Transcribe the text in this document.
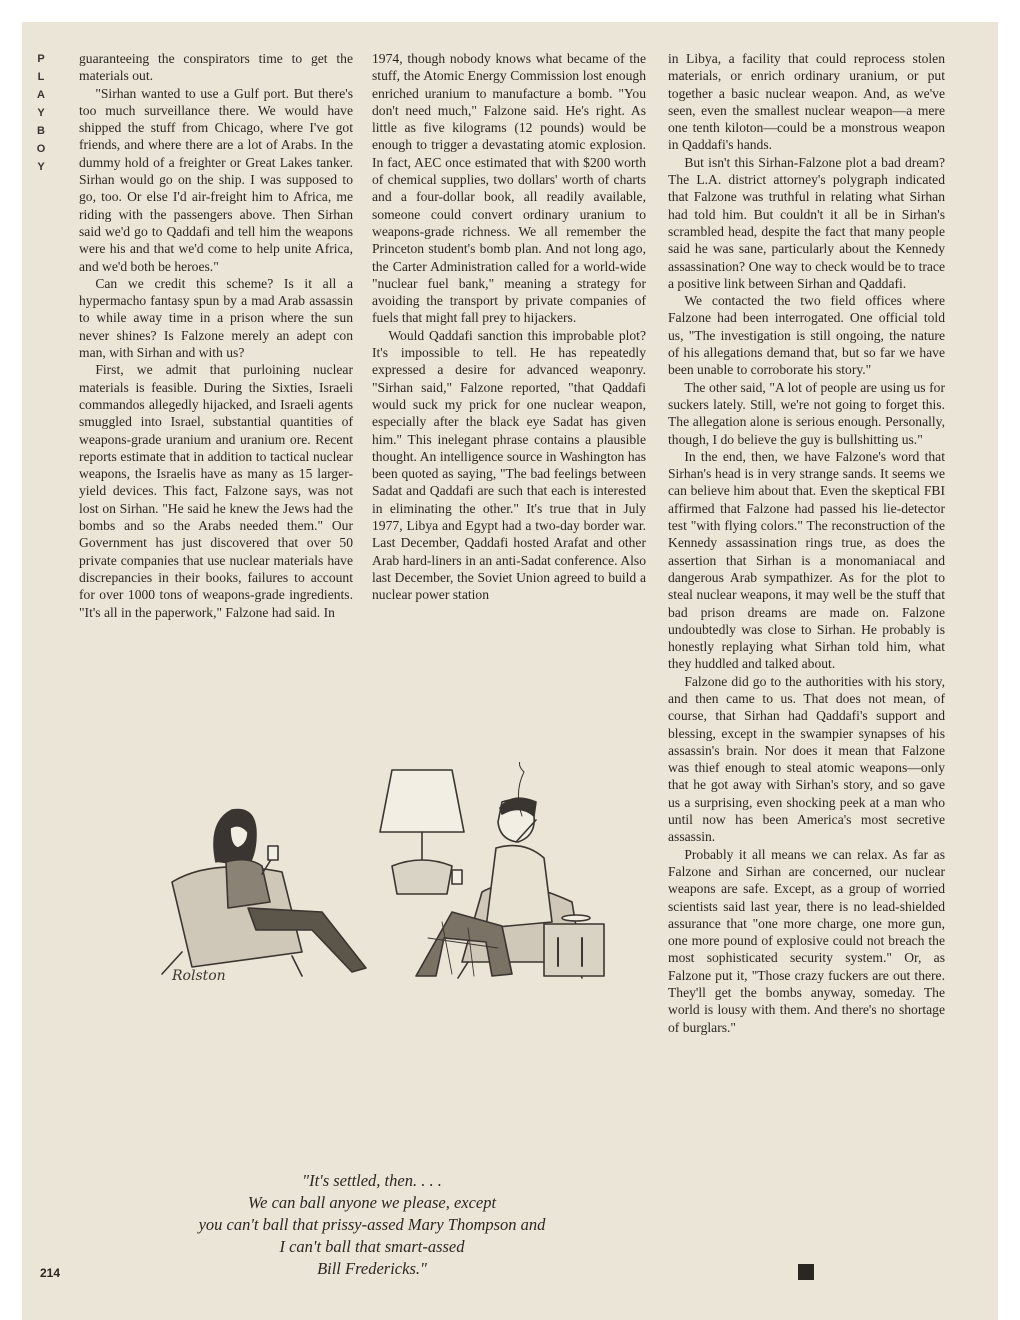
P
L
A
Y
B
O
Y

guaranteeing the conspirators time to get the materials out.

"Sirhan wanted to use a Gulf port. But there's too much surveillance there. We would have shipped the stuff from Chicago, where I've got friends, and where there are a lot of Arabs. In the dummy hold of a freighter or Great Lakes tanker. Sirhan would go on the ship. I was supposed to go, too. Or else I'd air-freight him to Africa, me riding with the passengers above. Then Sirhan said we'd go to Qaddafi and tell him the weapons were his and that we'd come to help unite Africa, and we'd both be heroes."

Can we credit this scheme? Is it all a hypermacho fantasy spun by a mad Arab assassin to while away time in a prison where the sun never shines? Is Falzone merely an adept con man, with Sirhan and with us?

First, we admit that purloining nuclear materials is feasible. During the Sixties, Israeli commandos allegedly hijacked, and Israeli agents smuggled into Israel, substantial quantities of weapons-grade uranium and uranium ore. Recent reports estimate that in addition to tactical nuclear weapons, the Israelis have as many as 15 larger-yield devices. This fact, Falzone says, was not lost on Sirhan. "He said he knew the Jews had the bombs and so the Arabs needed them." Our Government has just discovered that over 50 private companies that use nuclear materials have discrepancies in their books, failures to account for over 1000 tons of weapons-grade ingredients. "It's all in the paperwork," Falzone had said. In

1974, though nobody knows what became of the stuff, the Atomic Energy Commission lost enough enriched uranium to manufacture a bomb. "You don't need much," Falzone said. He's right. As little as five kilograms (12 pounds) would be enough to trigger a devastating atomic explosion. In fact, AEC once estimated that with $200 worth of chemical supplies, two dollars' worth of charts and a four-dollar book, all readily available, someone could convert ordinary uranium to weapons-grade richness. We all remember the Princeton student's bomb plan. And not long ago, the Carter Administration called for a world-wide "nuclear fuel bank," meaning a strategy for avoiding the transport by private companies of fuels that might fall prey to hijackers.

Would Qaddafi sanction this improbable plot? It's impossible to tell. He has repeatedly expressed a desire for advanced weaponry. "Sirhan said," Falzone reported, "that Qaddafi would suck my prick for one nuclear weapon, especially after the black eye Sadat has given him." This inelegant phrase contains a plausible thought. An intelligence source in Washington has been quoted as saying, "The bad feelings between Sadat and Qaddafi are such that each is interested in eliminating the other." It's true that in July 1977, Libya and Egypt had a two-day border war. Last December, Qaddafi hosted Arafat and other Arab hard-liners in an anti-Sadat conference. Also last December, the Soviet Union agreed to build a nuclear power station

in Libya, a facility that could reprocess stolen materials, or enrich ordinary uranium, or put together a basic nuclear weapon. And, as we've seen, even the smallest nuclear weapon—a mere one tenth kiloton—could be a monstrous weapon in Qaddafi's hands.

But isn't this Sirhan-Falzone plot a bad dream? The L.A. district attorney's polygraph indicated that Falzone was truthful in relating what Sirhan had told him. But couldn't it all be in Sirhan's scrambled head, despite the fact that many people said he was sane, particularly about the Kennedy assassination? One way to check would be to trace a positive link between Sirhan and Qaddafi.

We contacted the two field offices where Falzone had been interrogated. One official told us, "The investigation is still ongoing, the nature of his allegations demand that, but so far we have been unable to corroborate his story."

The other said, "A lot of people are using us for suckers lately. Still, we're not going to forget this. The allegation alone is serious enough. Personally, though, I do believe the guy is bullshitting us."

In the end, then, we have Falzone's word that Sirhan's head is in very strange sands. It seems we can believe him about that. Even the skeptical FBI affirmed that Falzone had passed his lie-detector test "with flying colors." The reconstruction of the Kennedy assassination rings true, as does the assertion that Sirhan is a monomaniacal and dangerous Arab sympathizer. As for the plot to steal nuclear weapons, it may well be the stuff that bad prison dreams are made on. Falzone undoubtedly was close to Sirhan. He probably is honestly replaying what Sirhan told him, what they huddled and talked about.

Falzone did go to the authorities with his story, and then came to us. That does not mean, of course, that Sirhan had Qaddafi's support and blessing, except in the swampier synapses of his assassin's brain. Nor does it mean that Falzone was thief enough to steal atomic weapons—only that he got away with Sirhan's story, and so gave us a surprising, even shocking peek at a man who until now has been America's most secretive assassin.

Probably it all means we can relax. As far as Falzone and Sirhan are concerned, our nuclear weapons are safe. Except, as a group of worried scientists said last year, there is no lead-shielded assurance that "one more charge, one more gun, one more pound of explosive could not breach the most sophisticated security system." Or, as Falzone put it, "Those crazy fuckers are out there. They'll get the bombs anyway, someday. The world is lousy with them. And there's no shortage of burglars."

Rolston
"It's settled, then. . . .
We can ball anyone we please, except
you can't ball that prissy-assed Mary Thompson and
I can't ball that smart-assed
Bill Fredericks."
214
